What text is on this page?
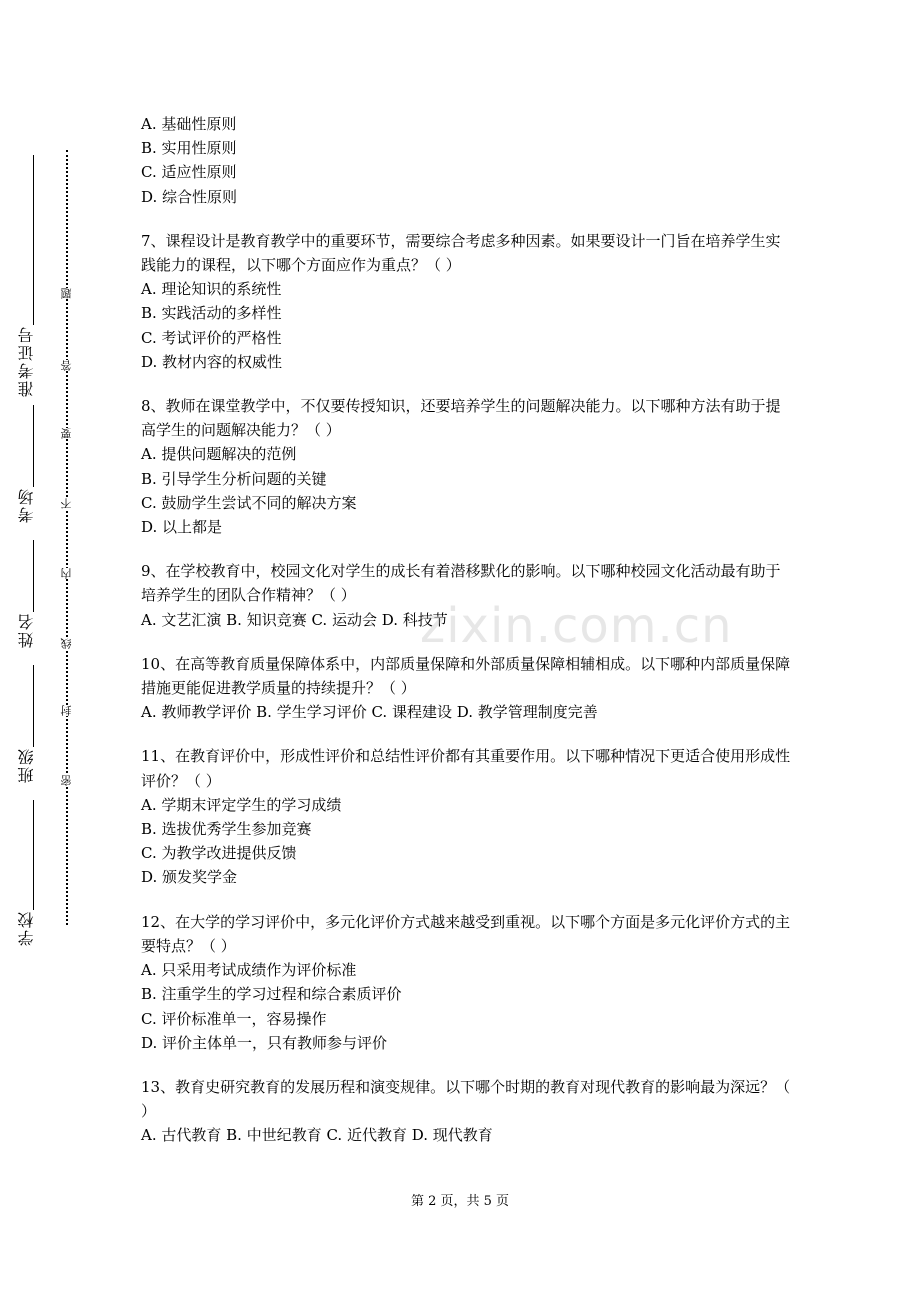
准考证号
考场
姓名
班级
学校
题
答
要
不
内
线
封
密
A. 基础性原则
B. 实用性原则
C. 适应性原则
D. 综合性原则

7、课程设计是教育教学中的重要环节，需要综合考虑多种因素。如果要设计一门旨在培养学生实践能力的课程，以下哪个方面应作为重点？（ ）

A. 理论知识的系统性
B. 实践活动的多样性
C. 考试评价的严格性
D. 教材内容的权威性

8、教师在课堂教学中，不仅要传授知识，还要培养学生的问题解决能力。以下哪种方法有助于提高学生的问题解决能力？（ ）

A. 提供问题解决的范例
B. 引导学生分析问题的关键
C. 鼓励学生尝试不同的解决方案
D. 以上都是

9、在学校教育中，校园文化对学生的成长有着潜移默化的影响。以下哪种校园文化活动最有助于培养学生的团队合作精神？（ ）

A. 文艺汇演 B. 知识竞赛 C. 运动会 D. 科技节

10、在高等教育质量保障体系中，内部质量保障和外部质量保障相辅相成。以下哪种内部质量保障措施更能促进教学质量的持续提升？（ ）

A. 教师教学评价 B. 学生学习评价 C. 课程建设 D. 教学管理制度完善

11、在教育评价中，形成性评价和总结性评价都有其重要作用。以下哪种情况下更适合使用形成性评价？（ ）

A. 学期末评定学生的学习成绩
B. 选拔优秀学生参加竞赛
C. 为教学改进提供反馈
D. 颁发奖学金

12、在大学的学习评价中，多元化评价方式越来越受到重视。以下哪个方面是多元化评价方式的主要特点？（ ）

A. 只采用考试成绩作为评价标准
B. 注重学生的学习过程和综合素质评价
C. 评价标准单一，容易操作
D. 评价主体单一，只有教师参与评价

13、教育史研究教育的发展历程和演变规律。以下哪个时期的教育对现代教育的影响最为深远？（ ）

A. 古代教育 B. 中世纪教育 C. 近代教育 D. 现代教育
zixin.com.cn
第 2 页，共 5 页
